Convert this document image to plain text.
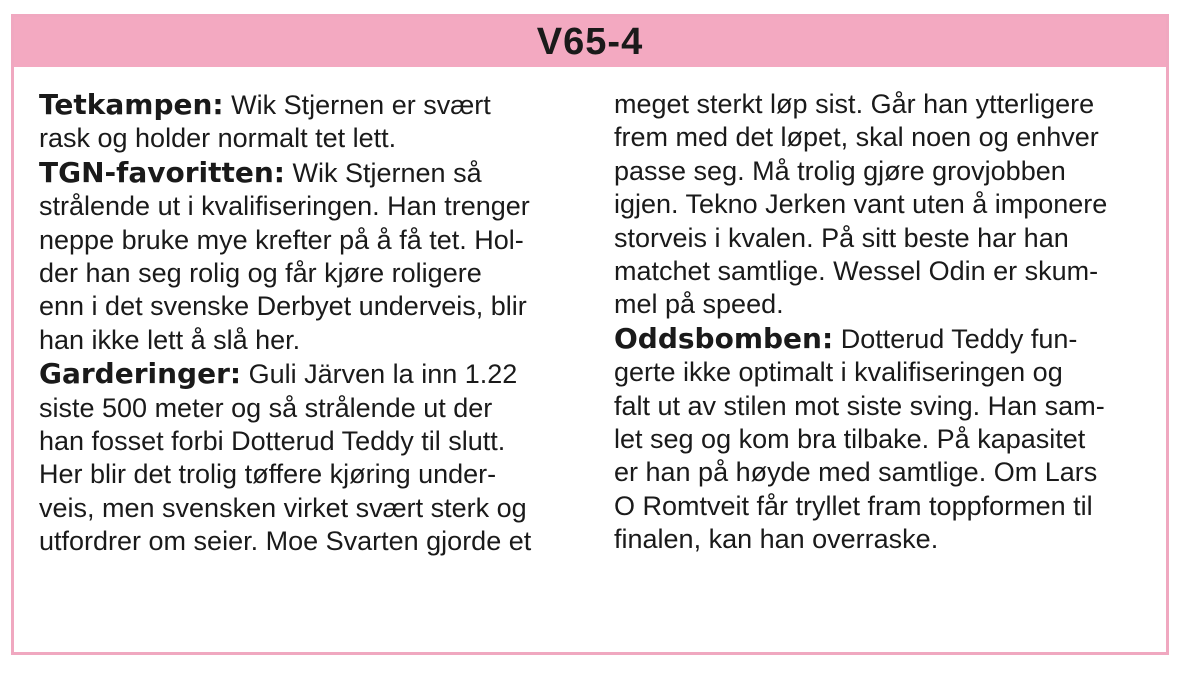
V65-4
Tetkampen: Wik Stjernen er svært
rask og holder normalt tet lett.
TGN-favoritten: Wik Stjernen så
strålende ut i kvalifiseringen. Han trenger
neppe bruke mye krefter på å få tet. Hol-
der han seg rolig og får kjøre roligere
enn i det svenske Derbyet underveis, blir
han ikke lett å slå her.
Garderinger: Guli Järven la inn 1.22
siste 500 meter og så strålende ut der
han fosset forbi Dotterud Teddy til slutt.
Her blir det trolig tøffere kjøring under-
veis, men svensken virket svært sterk og
utfordrer om seier. Moe Svarten gjorde et
meget sterkt løp sist. Går han ytterligere
frem med det løpet, skal noen og enhver
passe seg. Må trolig gjøre grovjobben
igjen. Tekno Jerken vant uten å imponere
storveis i kvalen. På sitt beste har han
matchet samtlige. Wessel Odin er skum-
mel på speed.
Oddsbomben: Dotterud Teddy fun-
gerte ikke optimalt i kvalifiseringen og
falt ut av stilen mot siste sving. Han sam-
let seg og kom bra tilbake. På kapasitet
er han på høyde med samtlige. Om Lars
O Romtveit får tryllet fram toppformen til
finalen, kan han overraske.
